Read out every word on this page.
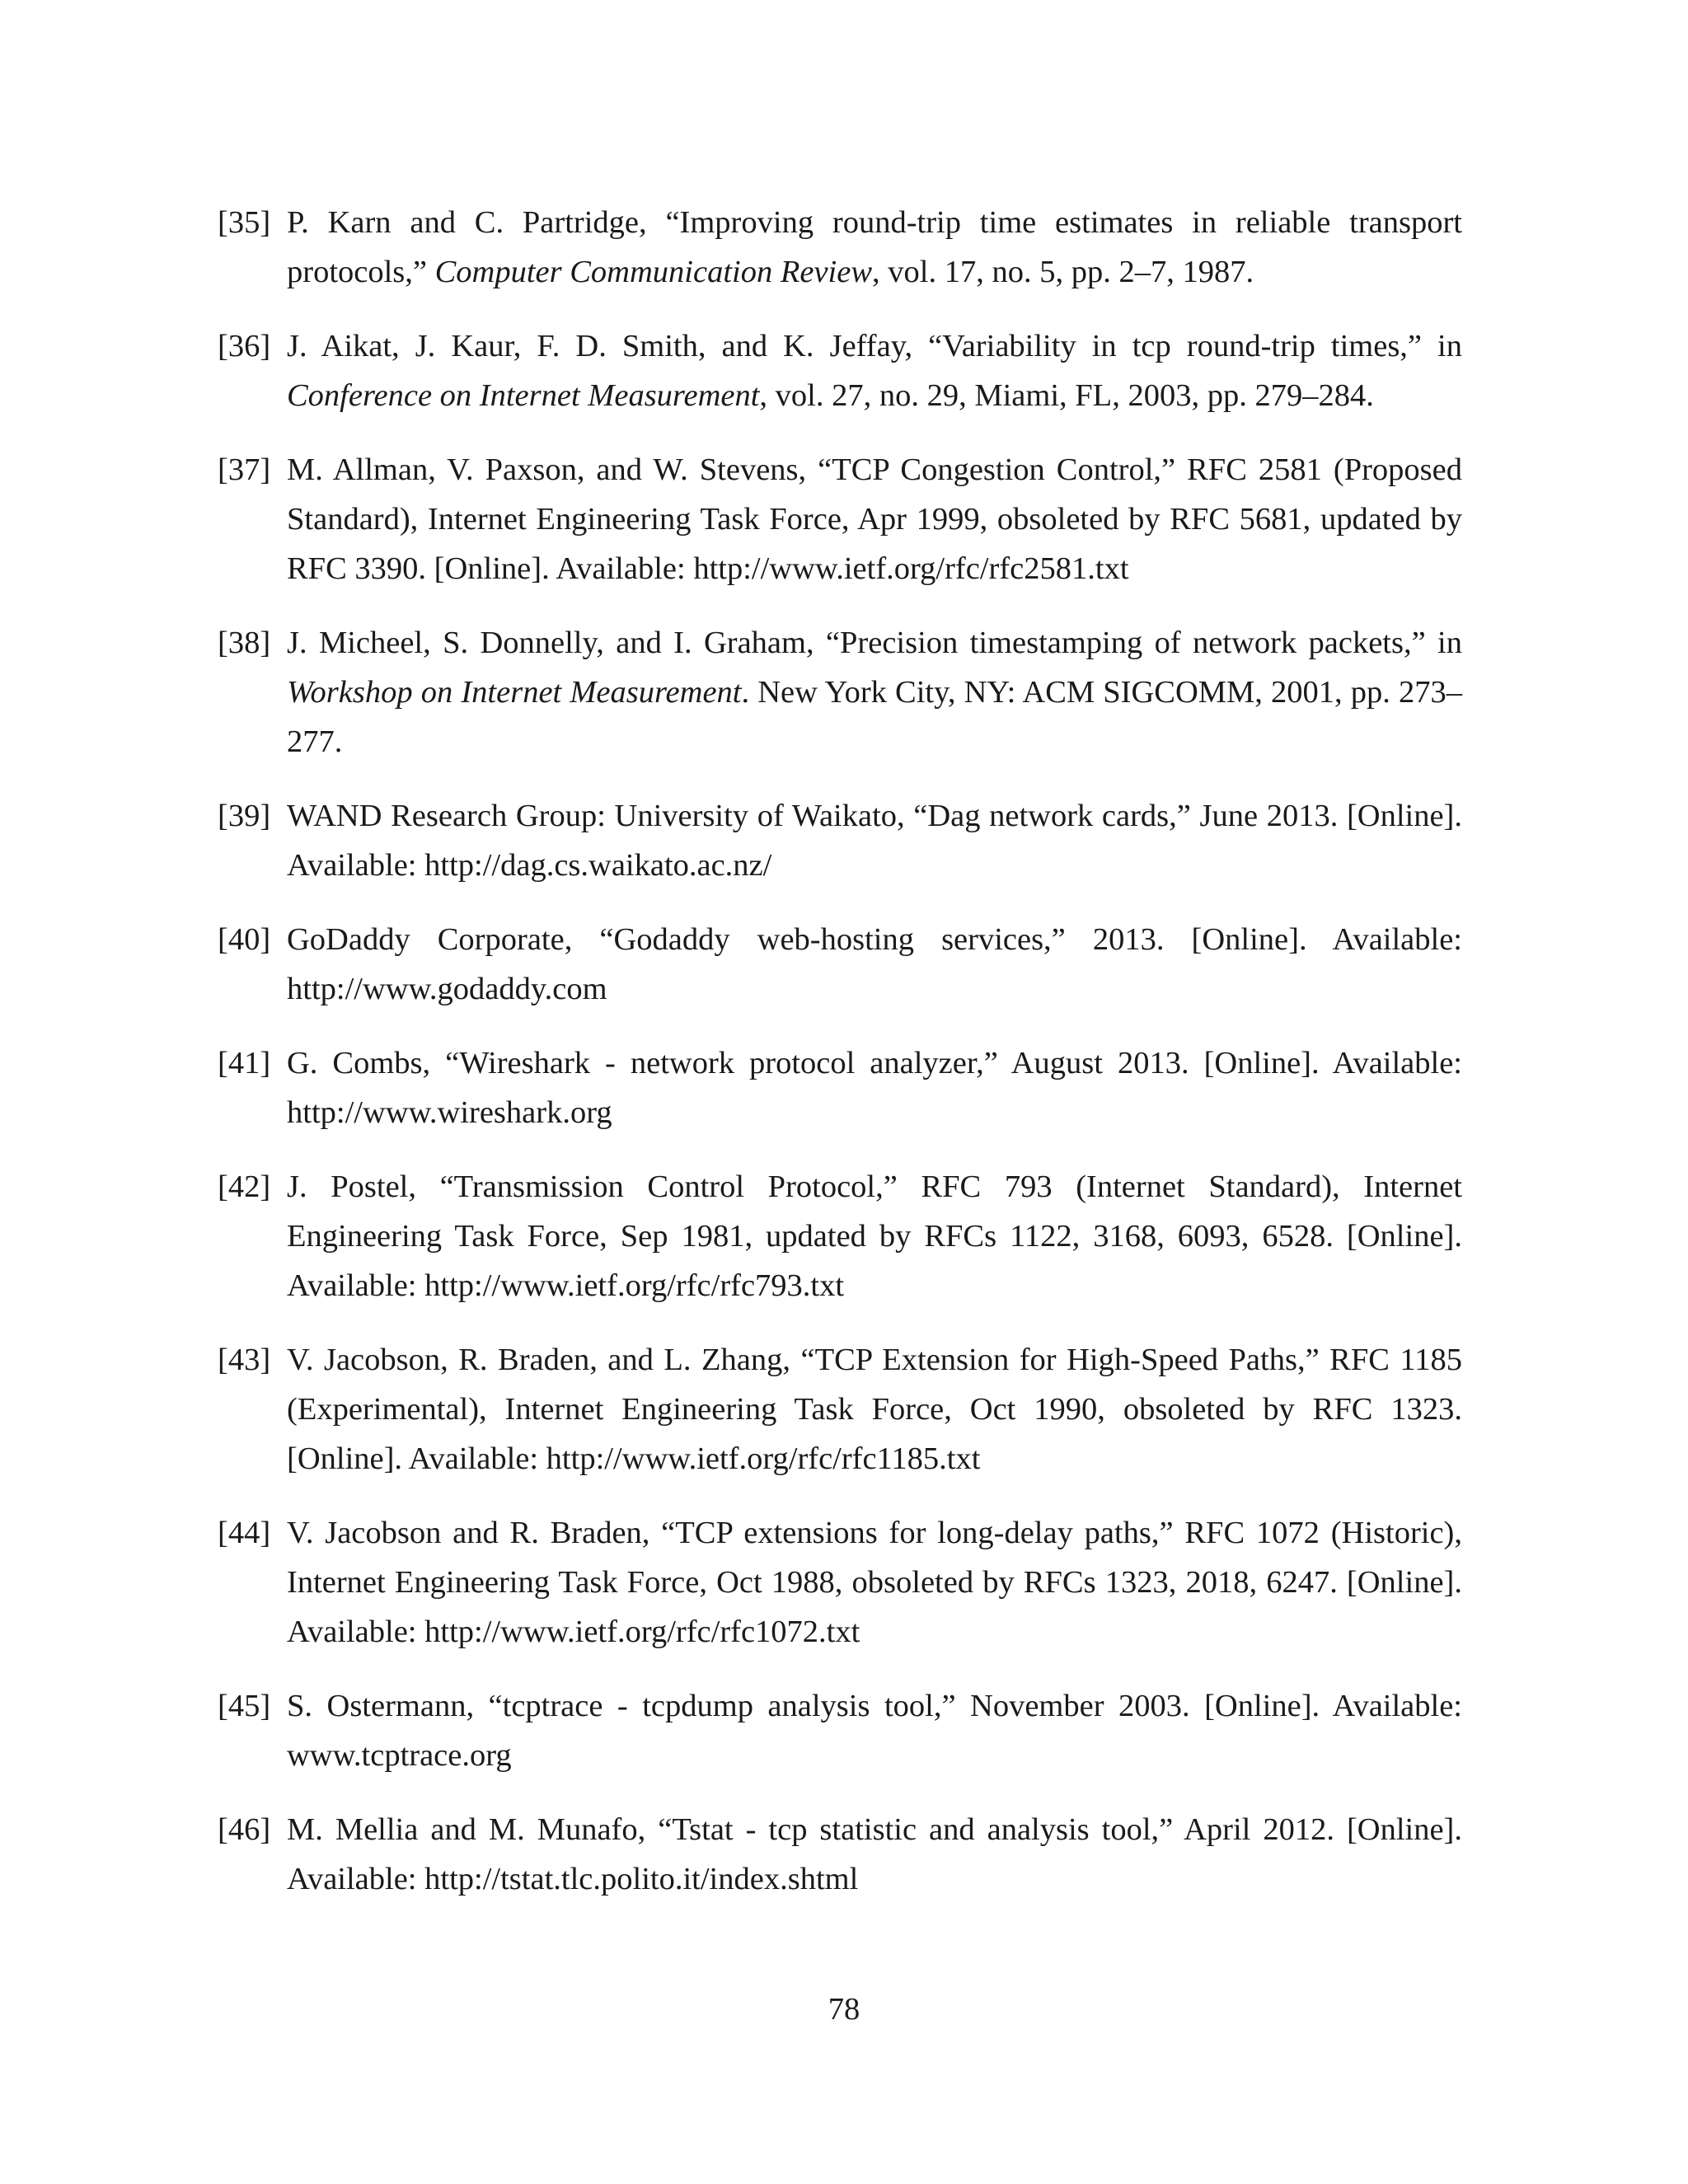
[35] P. Karn and C. Partridge, “Improving round-trip time estimates in reliable transport protocols,” Computer Communication Review, vol. 17, no. 5, pp. 2–7, 1987.
[36] J. Aikat, J. Kaur, F. D. Smith, and K. Jeffay, “Variability in tcp round-trip times,” in Conference on Internet Measurement, vol. 27, no. 29, Miami, FL, 2003, pp. 279–284.
[37] M. Allman, V. Paxson, and W. Stevens, “TCP Congestion Control,” RFC 2581 (Proposed Standard), Internet Engineering Task Force, Apr 1999, obsoleted by RFC 5681, updated by RFC 3390. [Online]. Available: http://www.ietf.org/rfc/rfc2581.txt
[38] J. Micheel, S. Donnelly, and I. Graham, “Precision timestamping of network packets,” in Workshop on Internet Measurement. New York City, NY: ACM SIGCOMM, 2001, pp. 273–277.
[39] WAND Research Group: University of Waikato, “Dag network cards,” June 2013. [Online]. Available: http://dag.cs.waikato.ac.nz/
[40] GoDaddy Corporate, “Godaddy web-hosting services,” 2013. [Online]. Available: http://www.godaddy.com
[41] G. Combs, “Wireshark - network protocol analyzer,” August 2013. [Online]. Available: http://www.wireshark.org
[42] J. Postel, “Transmission Control Protocol,” RFC 793 (Internet Standard), Internet Engineering Task Force, Sep 1981, updated by RFCs 1122, 3168, 6093, 6528. [Online]. Available: http://www.ietf.org/rfc/rfc793.txt
[43] V. Jacobson, R. Braden, and L. Zhang, “TCP Extension for High-Speed Paths,” RFC 1185 (Experimental), Internet Engineering Task Force, Oct 1990, obsoleted by RFC 1323. [Online]. Available: http://www.ietf.org/rfc/rfc1185.txt
[44] V. Jacobson and R. Braden, “TCP extensions for long-delay paths,” RFC 1072 (Historic), Internet Engineering Task Force, Oct 1988, obsoleted by RFCs 1323, 2018, 6247. [Online]. Available: http://www.ietf.org/rfc/rfc1072.txt
[45] S. Ostermann, “tcptrace - tcpdump analysis tool,” November 2003. [Online]. Available: www.tcptrace.org
[46] M. Mellia and M. Munafo, “Tstat - tcp statistic and analysis tool,” April 2012. [Online]. Available: http://tstat.tlc.polito.it/index.shtml
78
